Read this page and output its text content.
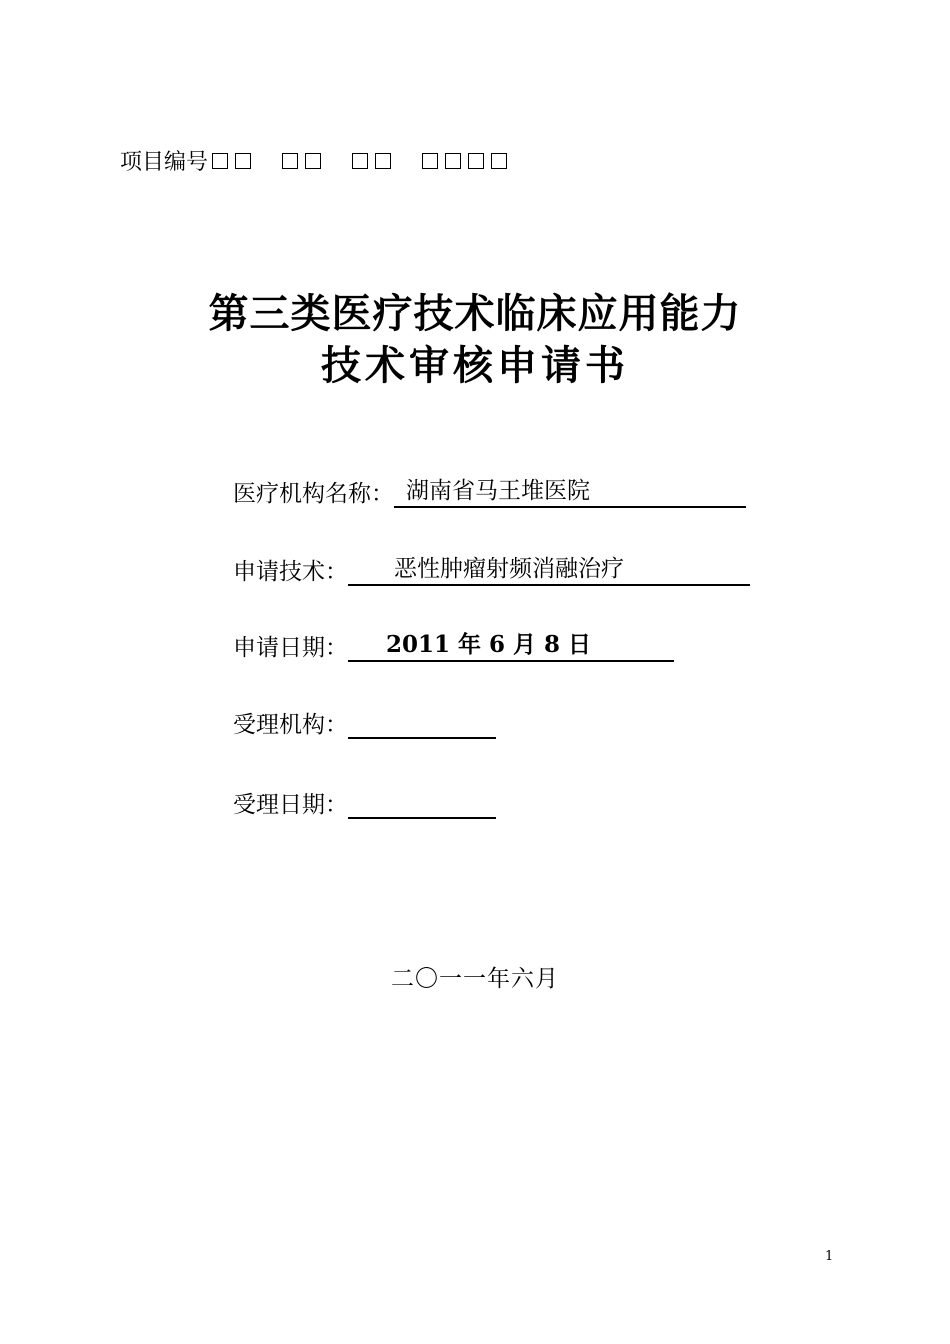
项目编号
第三类医疗技术临床应用能力
技术审核申请书
医疗机构名称： 湖南省马王堆医院
申请技术：	恶性肿瘤射频消融治疗
申请日期：	2011 年 6 月 8 日
受理机构：
受理日期：
二〇一一年六月
1
